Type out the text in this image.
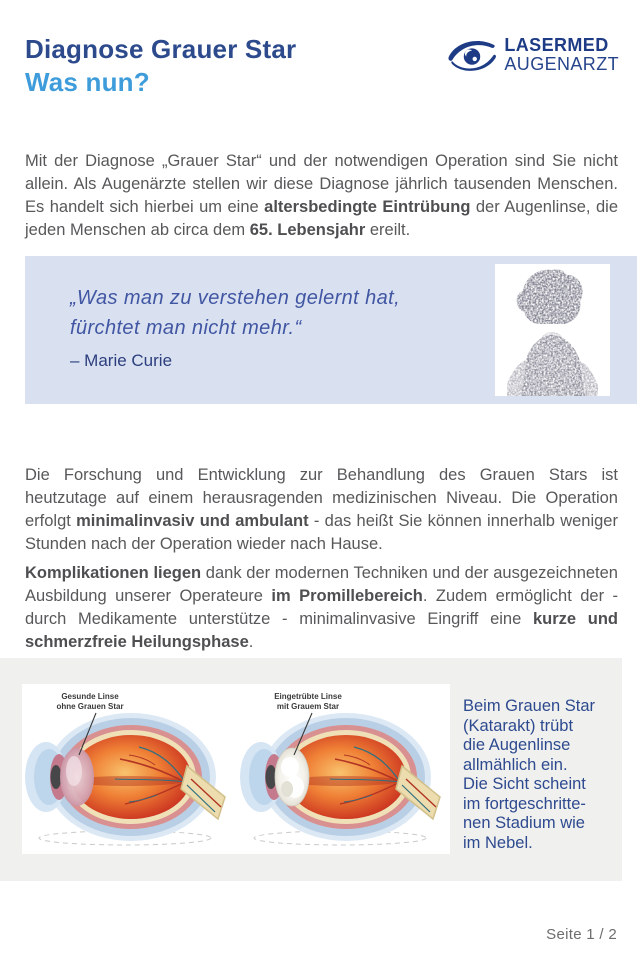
Diagnose Grauer Star
Was nun?
LASERMED
AUGENARZT

Mit der Diagnose „Grauer Star“ und der notwendigen Operation sind Sie nicht allein. Als Augenärzte stellen wir diese Diagnose jährlich tausenden Menschen. Es handelt sich hierbei um eine altersbedingte Eintrübung der Augenlinse, die jeden Menschen ab circa dem 65. Lebensjahr ereilt.

„Was man zu verstehen gelernt hat,
fürchtet man nicht mehr.“
– Marie Curie

Die Forschung und Entwicklung zur Behandlung des Grauen Stars ist heutzutage auf einem herausragenden medizinischen Niveau. Die Operation erfolgt minimalinvasiv und ambulant - das heißt Sie können innerhalb weniger Stunden nach der Operation wieder nach Hause.

Komplikationen liegen dank der modernen Techniken und der ausgezeichneten Ausbildung unserer Operateure im Promillebereich. Zudem ermöglicht der - durch Medikamente unterstütze - minimalinvasive Eingriff eine kurze und schmerzfreie Heilungsphase.

Gesunde Linse
ohne Grauen Star
Eingetrübte Linse
mit Grauem Star	Beim Grauen Star
(Katarakt) trübt
die Augenlinse
allmählich ein.
Die Sicht scheint
im fortgeschritte-
nen Stadium wie
im Nebel.
Seite 1 / 2
